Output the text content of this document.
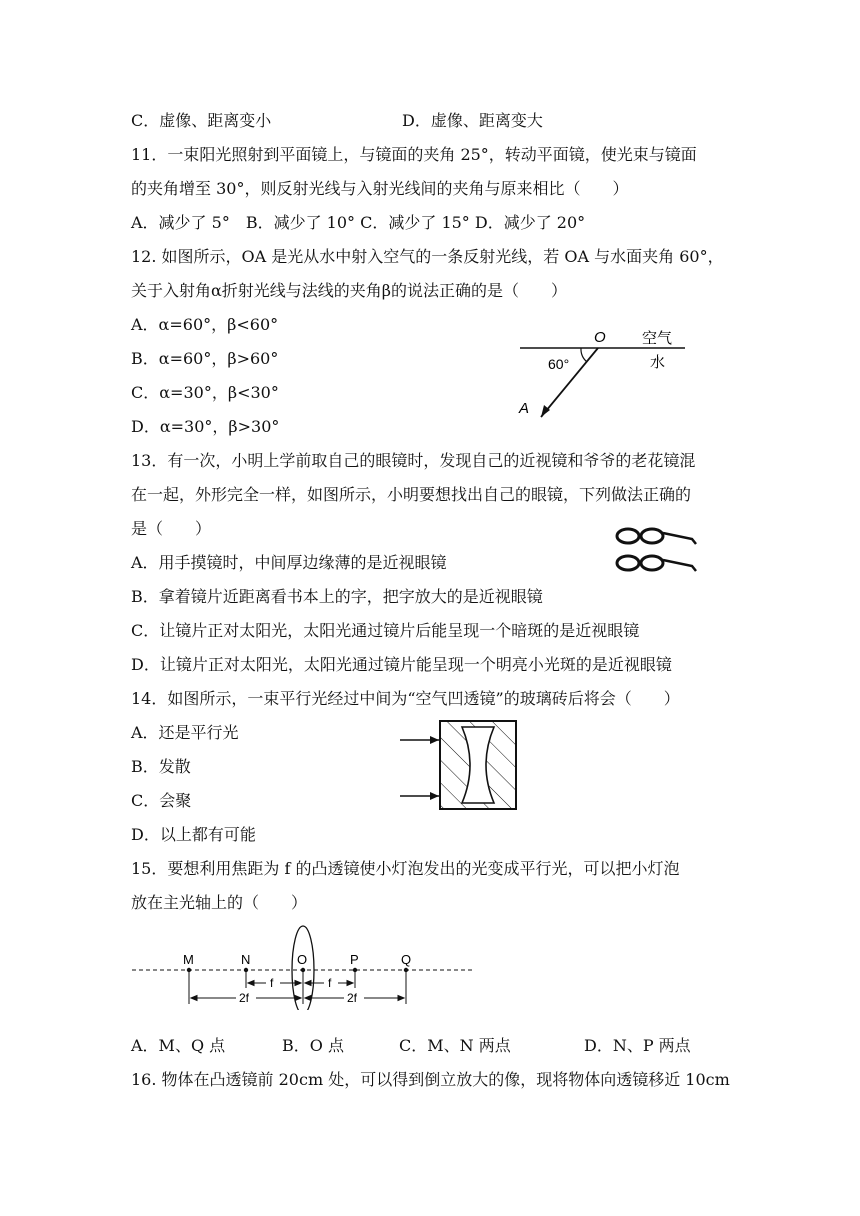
C．虚像、距离变小	D．虚像、距离变大
11．一束阳光照射到平面镜上，与镜面的夹角 25°，转动平面镜，使光束与镜面
的夹角增至 30°，则反射光线与入射光线间的夹角与原来相比（　　）
A．减少了 5°　B．减少了 10° C．减少了 15° D．减少了 20°
12. 如图所示，OA 是光从水中射入空气的一条反射光线，若 OA 与水面夹角 60°，
关于入射角α折射光线与法线的夹角β的说法正确的是（　　）
A．α=60°，β<60°
B．α=60°，β>60°
C．α=30°，β<30°
D．α=30°，β>30°
O 空气
水
60°
A
13．有一次，小明上学前取自己的眼镜时，发现自己的近视镜和爷爷的老花镜混
在一起，外形完全一样，如图所示，小明要想找出自己的眼镜，下列做法正确的
是（　　）
A．用手摸镜时，中间厚边缘薄的是近视眼镜
B．拿着镜片近距离看书本上的字，把字放大的是近视眼镜
C．让镜片正对太阳光，太阳光通过镜片后能呈现一个暗斑的是近视眼镜
D．让镜片正对太阳光，太阳光通过镜片能呈现一个明亮小光斑的是近视眼镜
14．如图所示，一束平行光经过中间为“空气凹透镜”的玻璃砖后将会（　　）
A．还是平行光
B．发散
C．会聚
D．以上都有可能
15．要想利用焦距为 f 的凸透镜使小灯泡发出的光变成平行光，可以把小灯泡
放在主光轴上的（　　）
M	N	O	P	Q
f	f
2f	2f
A．M、Q 点	B．O 点	C．M、N 两点	D．N、P 两点
16. 物体在凸透镜前 20cm 处，可以得到倒立放大的像，现将物体向透镜移近 10cm
